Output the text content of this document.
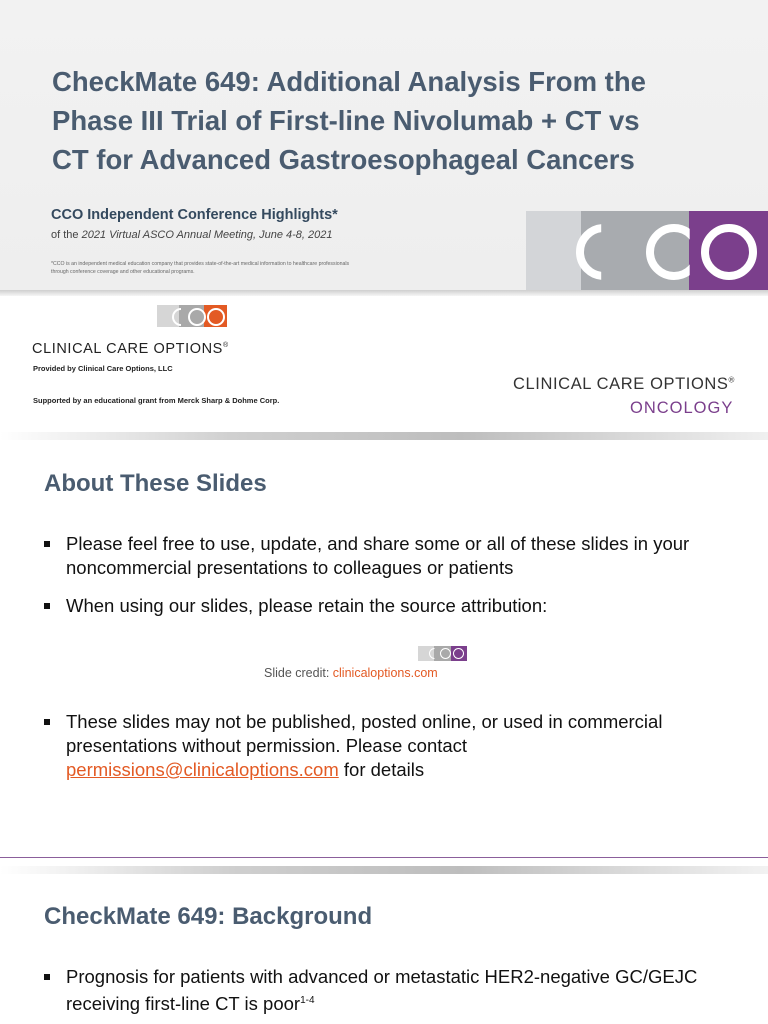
CheckMate 649: Additional Analysis From the
Phase III Trial of First-line Nivolumab + CT vs
CT for Advanced Gastroesophageal Cancers

CCO Independent Conference Highlights*

of the 2021 Virtual ASCO Annual Meeting, June 4-8, 2021

*CCO is an independent medical education company that provides state-of-the-art medical information to healthcare professionals through conference coverage and other educational programs.

CLINICAL CARE OPTIONS®

Provided by Clinical Care Options, LLC

Supported by an educational grant from Merck Sharp & Dohme Corp.

CLINICAL CARE OPTIONS®

ONCOLOGY

About These Slides
Please feel free to use, update, and share some or all of these slides in your noncommercial presentations to colleagues or patients
When using our slides, please retain the source attribution:

Slide credit: clinicaloptions.com

These slides may not be published, posted online, or used in commercial presentations without permission. Please contact permissions@clinicaloptions.com for details
CheckMate 649: Background
Prognosis for patients with advanced or metastatic HER2-negative GC/GEJC receiving first-line CT is poor$^{1-4}$
